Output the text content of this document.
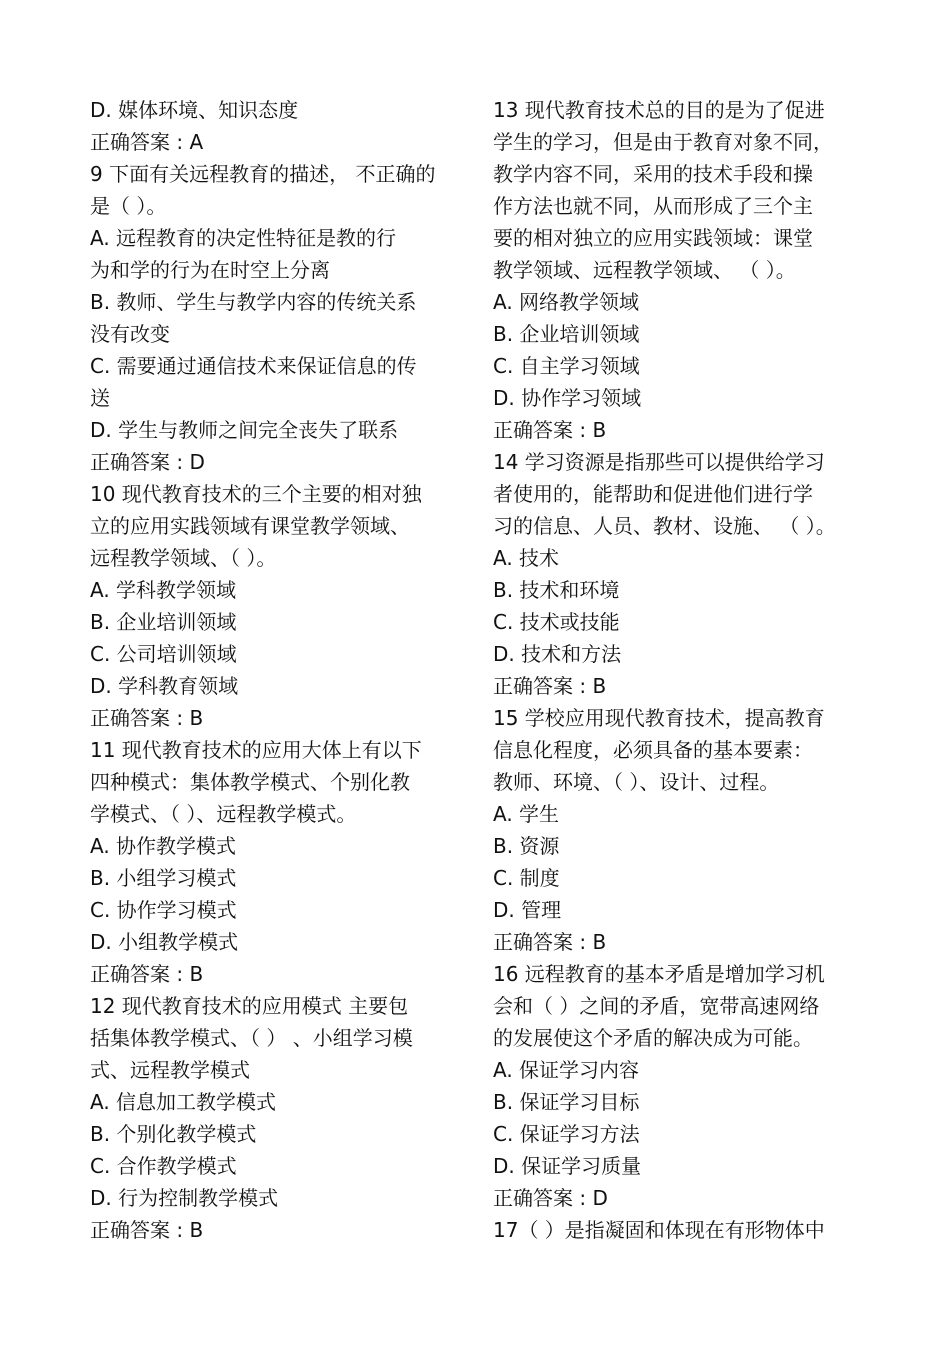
D. 媒体环境、知识态度
正确答案 : A
9 下面有关远程教育的描述， 不正确的
是（ ）。
A. 远程教育的决定性特征是教的行
为和学的行为在时空上分离
B. 教师、学生与教学内容的传统关系
没有改变
C. 需要通过通信技术来保证信息的传
送
D. 学生与教师之间完全丧失了联系
正确答案 : D
10 现代教育技术的三个主要的相对独
立的应用实践领域有课堂教学领域、
远程教学领域、（ ）。
A. 学科教学领域
B. 企业培训领域
C. 公司培训领域
D. 学科教育领域
正确答案 : B
11 现代教育技术的应用大体上有以下
四种模式：集体教学模式、个别化教
学模式、（ ）、远程教学模式。
A. 协作教学模式
B. 小组学习模式
C. 协作学习模式
D. 小组教学模式
正确答案 : B
12 现代教育技术的应用模式 主要包
括集体教学模式、（ ） 、小组学习模
式、远程教学模式
A. 信息加工教学模式
B. 个别化教学模式
C. 合作教学模式
D. 行为控制教学模式
正确答案 : B
13 现代教育技术总的目的是为了促进
学生的学习，但是由于教育对象不同，
教学内容不同，采用的技术手段和操
作方法也就不同，从而形成了三个主
要的相对独立的应用实践领域：课堂
教学领域、远程教学领域、 （ ）。
A. 网络教学领域
B. 企业培训领域
C. 自主学习领域
D. 协作学习领域
正确答案 : B
14 学习资源是指那些可以提供给学习
者使用的，能帮助和促进他们进行学
习的信息、人员、教材、设施、 （ ）。
A. 技术
B. 技术和环境
C. 技术或技能
D. 技术和方法
正确答案 : B
15 学校应用现代教育技术，提高教育
信息化程度，必须具备的基本要素：
教师、环境、（ ）、设计、过程。
A. 学生
B. 资源
C. 制度
D. 管理
正确答案 : B
16 远程教育的基本矛盾是增加学习机
会和（ ）之间的矛盾，宽带高速网络
的发展使这个矛盾的解决成为可能。
A. 保证学习内容
B. 保证学习目标
C. 保证学习方法
D. 保证学习质量
正确答案 : D
17（ ）是指凝固和体现在有形物体中
